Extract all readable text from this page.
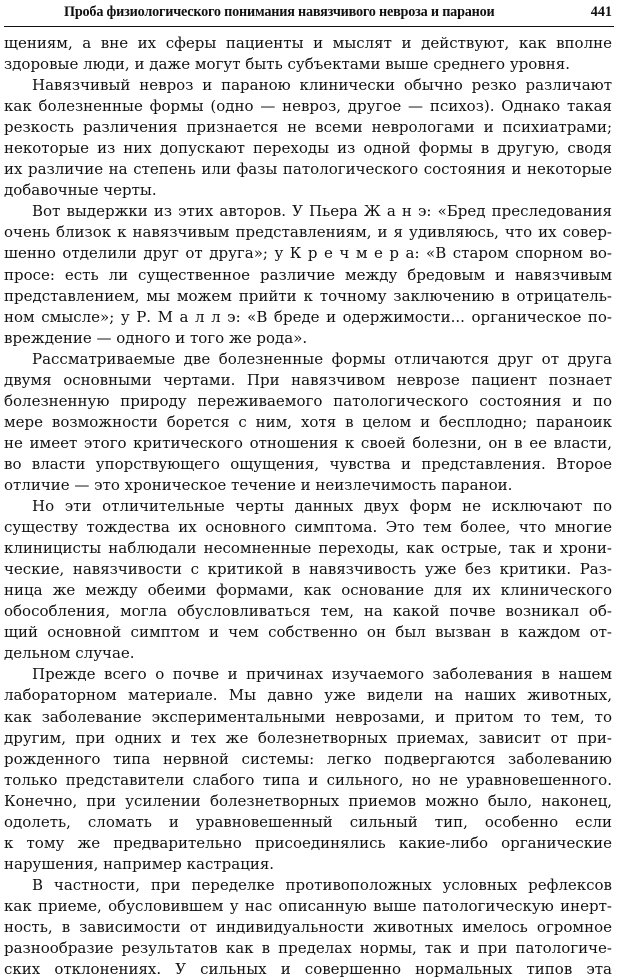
Проба физиологического понимания навязчивого невроза и паранои	441
щениям, а вне их сферы пациенты и мыслят и действуют, как вполне
здоровые люди, и даже могут быть субъектами выше среднего уровня.
Навязчивый невроз и параною клинически обычно резко различают
как болезненные формы (одно — невроз, другое — психоз). Однако такая
резкость различения признается не всеми неврологами и психиатрами;
некоторые из них допускают переходы из одной формы в другую, сводя
их различие на степень или фазы патологического состояния и некоторые
добавочные черты.
Вот выдержки из этих авторов. У Пьера Ж а н э: «Бред преследования
очень близок к навязчивым представлениям, и я удивляюсь, что их совер-
шенно отделили друг от друга»; у К р е ч м е р а: «В старом спорном во-
просе: есть ли существенное различие между бредовым и навязчивым
представлением, мы можем прийти к точному заключению в отрицатель-
ном смысле»; у Р. М а л л э: «В бреде и одержимости... органическое по-
вреждение — одного и того же рода».
Рассматриваемые две болезненные формы отличаются друг от друга
двумя основными чертами. При навязчивом неврозе пациент познает
болезненную природу переживаемого патологического состояния и по
мере возможности борется с ним, хотя в целом и бесплодно; параноик
не имеет этого критического отношения к своей болезни, он в ее власти,
во власти упорствующего ощущения, чувства и представления. Второе
отличие — это хроническое течение и неизлечимость паранои.
Но эти отличительные черты данных двух форм не исключают по
существу тождества их основного симптома. Это тем более, что многие
клиницисты наблюдали несомненные переходы, как острые, так и хрони-
ческие, навязчивости с критикой в навязчивость уже без критики. Раз-
ница же между обеими формами, как основание для их клинического
обособления, могла обусловливаться тем, на какой почве возникал об-
щий основной симптом и чем собственно он был вызван в каждом от-
дельном случае.
Прежде всего о почве и причинах изучаемого заболевания в нашем
лабораторном материале. Мы давно уже видели на наших животных,
как заболевание экспериментальными неврозами, и притом то тем, то
другим, при одних и тех же болезнетворных приемах, зависит от при-
рожденного типа нервной системы: легко подвергаются заболеванию
только представители слабого типа и сильного, но не уравновешенного.
Конечно, при усилении болезнетворных приемов можно было, наконец,
одолеть, сломать и уравновешенный сильный тип, особенно если
к тому же предварительно присоединялись какие-либо органические
нарушения, например кастрация.
В частности, при переделке противоположных условных рефлексов
как приеме, обусловившем у нас описанную выше патологическую инерт-
ность, в зависимости от индивидуальности животных имелось огромное
разнообразие результатов как в пределах нормы, так и при патологиче-
ских отклонениях. У сильных и совершенно нормальных типов эта
